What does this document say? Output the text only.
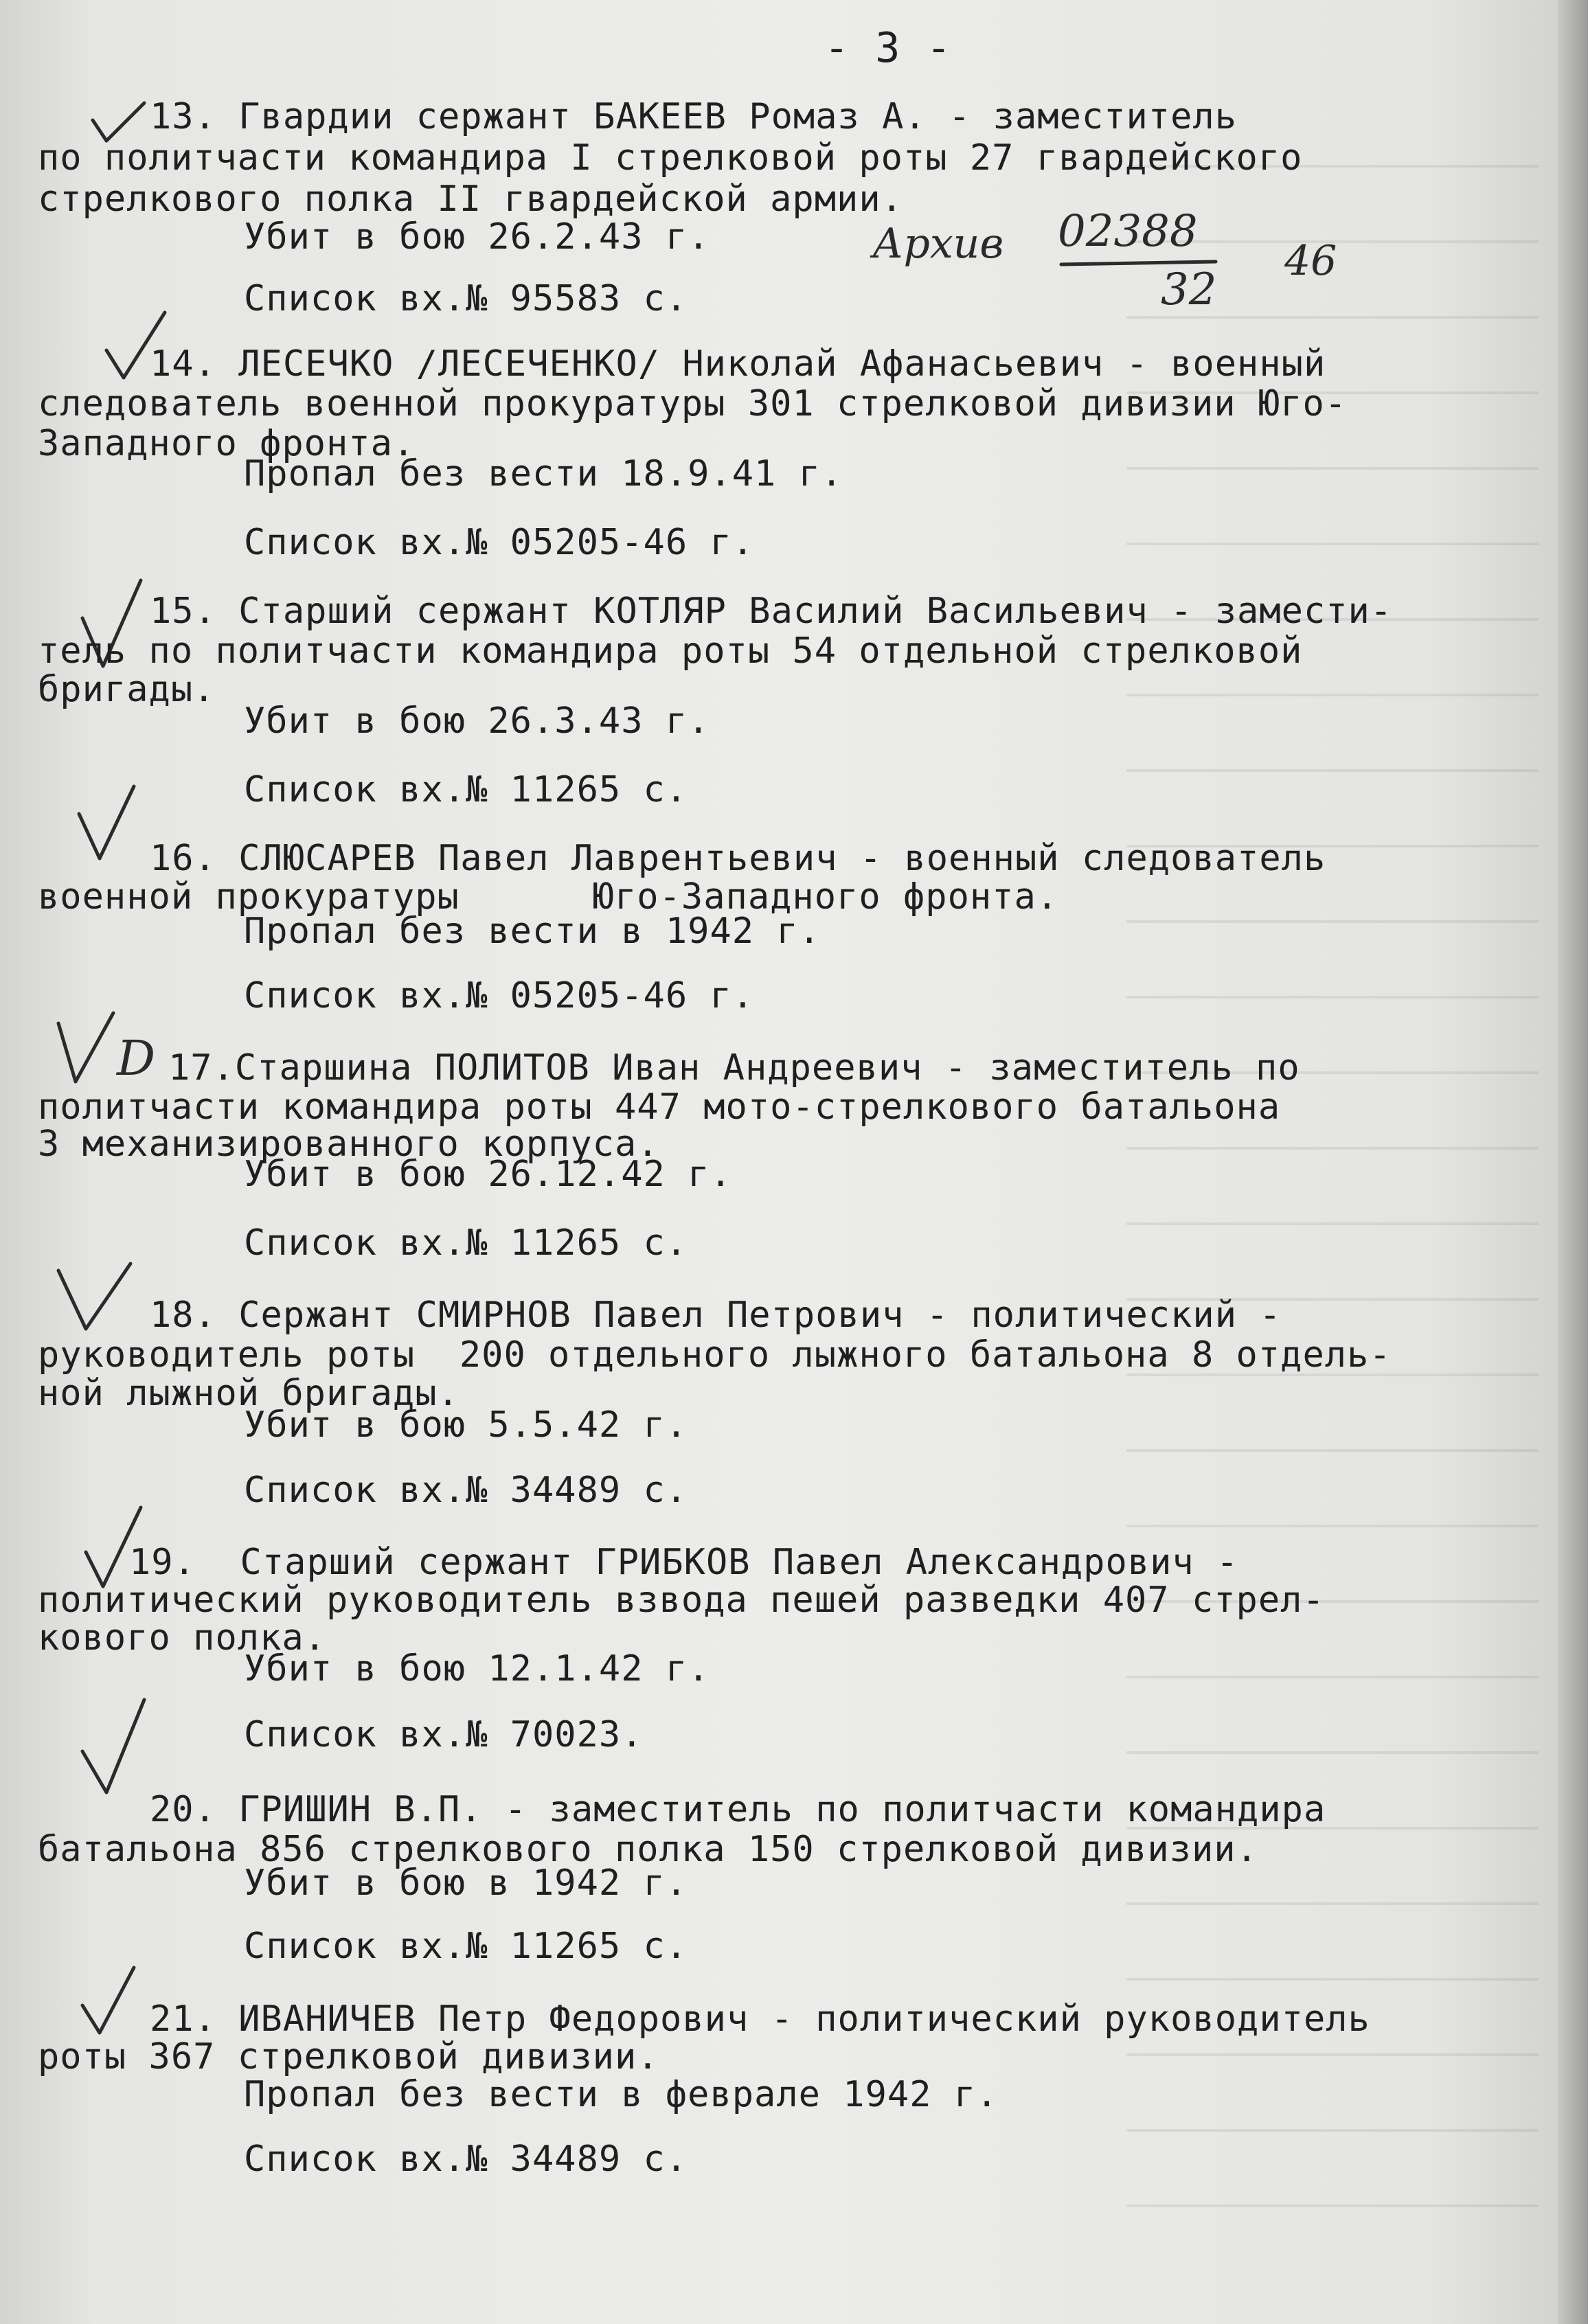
- 3 -
Архив 02388
32
46
D
13. Гвардии сержант БАКЕЕВ Ромаз А. - заместитель
по политчасти командира I стрелковой роты 27 гвардейского
стрелкового полка II гвардейской армии.
Убит в бою 26.2.43 г.
Список вх.№ 95583 с.
14. ЛЕСЕЧКО /ЛЕСЕЧЕНКО/ Николай Афанасьевич - военный
следователь военной прокуратуры 301 стрелковой дивизии Юго-
Западного фронта.
Пропал без вести 18.9.41 г.
Список вх.№ 05205-46 г.
15. Старший сержант КОТЛЯР Василий Васильевич - замести-
тель по политчасти командира роты 54 отдельной стрелковой
бригады.
Убит в бою 26.3.43 г.
Список вх.№ 11265 с.
16. СЛЮСАРЕВ Павел Лаврентьевич - военный следователь
военной прокуратуры      Юго-Западного фронта.
Пропал без вести в 1942 г.
Список вх.№ 05205-46 г.
17.Старшина ПОЛИТОВ Иван Андреевич - заместитель по
политчасти командира роты 447 мото-стрелкового батальона
3 механизированного корпуса.
Убит в бою 26.12.42 г.
Список вх.№ 11265 с.
18. Сержант СМИРНОВ Павел Петрович - политический -
руководитель роты  200 отдельного лыжного батальона 8 отдель-
ной лыжной бригады.
Убит в бою 5.5.42 г.
Список вх.№ 34489 с.
19.  Старший сержант ГРИБКОВ Павел Александрович -
политический руководитель взвода пешей разведки 407 стрел-
кового полка.
Убит в бою 12.1.42 г.
Список вх.№ 70023.
20. ГРИШИН В.П. - заместитель по политчасти командира
батальона 856 стрелкового полка 150 стрелковой дивизии.
Убит в бою в 1942 г.
Список вх.№ 11265 с.
21. ИВАНИЧЕВ Петр Федорович - политический руководитель
роты 367 стрелковой дивизии.
Пропал без вести в феврале 1942 г.
Список вх.№ 34489 с.
